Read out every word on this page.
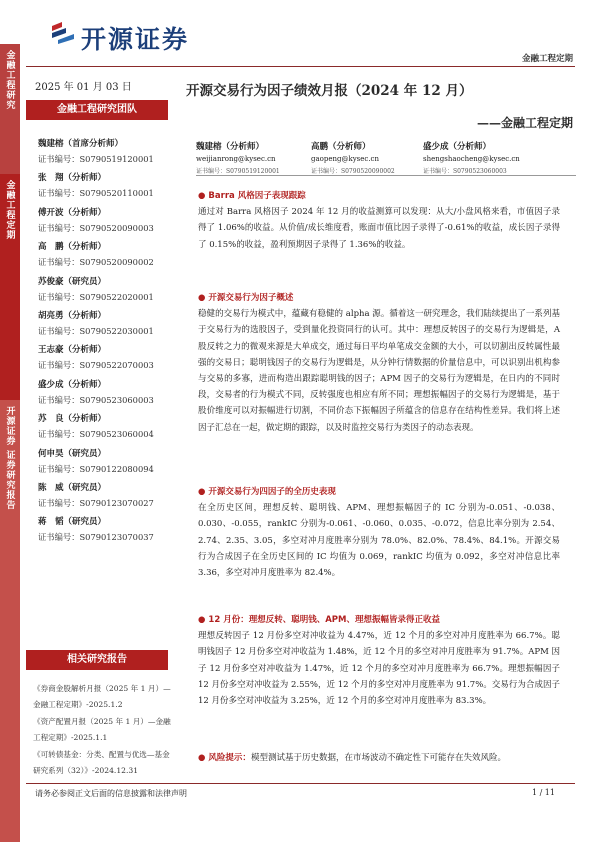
金融工程研究
金融工程定期
开源证券 证券研究报告
开源证券
金融工程定期
2025 年 01 月 03 日
金融工程研究团队
魏建榕（首席分析师）
证书编号：S0790519120001
张　翔（分析师）
证书编号：S0790520110001
傅开波（分析师）
证书编号：S0790520090003
高　鹏（分析师）
证书编号：S0790520090002
苏俊豪（研究员）
证书编号：S0790522020001
胡亮勇（分析师）
证书编号：S0790522030001
王志豪（分析师）
证书编号：S0790522070003
盛少成（分析师）
证书编号：S0790523060003
苏　良（分析师）
证书编号：S0790523060004
何申昊（研究员）
证书编号：S0790122080094
陈　威（研究员）
证书编号：S0790123070027
蒋　韬（研究员）
证书编号：S0790123070037
相关研究报告
《券商金股解析月报（2025 年 1 月）—金融工程定期》-2025.1.2
《资产配置月报（2025 年 1 月）—金融工程定期》-2025.1.1
《可转债基金：分类、配置与优选—基金研究系列（32）》-2024.12.31
开源交易行为因子绩效月报（2024 年 12 月）
——金融工程定期
魏建榕（分析师）
weijianrong@kysec.cn
证书编号：S0790519120001
高鹏（分析师）
gaopeng@kysec.cn
证书编号：S0790520090002
盛少成（分析师）
shengshaocheng@kysec.cn
证书编号：S0790523060003
● Barra 风格因子表现跟踪
通过对 Barra 风格因子 2024 年 12 月的收益测算可以发现：从大/小盘风格来看，市值因子录得了 1.06%的收益。从价值/成长维度看，账面市值比因子录得了-0.61%的收益，成长因子录得了 0.15%的收益，盈利预期因子录得了 1.36%的收益。
● 开源交易行为因子概述
稳健的交易行为模式中，蕴藏有稳健的 alpha 源。循着这一研究理念，我们陆续提出了一系列基于交易行为的选股因子，受到量化投资同行的认可。其中：理想反转因子的交易行为逻辑是，A 股反转之力的微观来源是大单成交，通过每日平均单笔成交金额的大小，可以切割出反转属性最强的交易日；聪明钱因子的交易行为逻辑是，从分钟行情数据的价量信息中，可以识别出机构参与交易的多寡，进而构造出跟踪聪明钱的因子；APM 因子的交易行为逻辑是，在日内的不同时段，交易者的行为模式不同，反转强度也相应有所不同；理想振幅因子的交易行为逻辑是，基于股价维度可以对振幅进行切割，不同价态下振幅因子所蕴含的信息存在结构性差异。我们将上述因子汇总在一起，做定期的跟踪，以及时监控交易行为类因子的动态表现。
● 开源交易行为四因子的全历史表现
在全历史区间，理想反转、聪明钱、APM、理想振幅因子的 IC 分别为-0.051、-0.038、0.030、-0.055，rankIC 分别为-0.061、-0.060、0.035、-0.072，信息比率分别为 2.54、2.74、2.35、3.05，多空对冲月度胜率分别为 78.0%、82.0%、78.4%、84.1%。开源交易行为合成因子在全历史区间的 IC 均值为 0.069，rankIC 均值为 0.092，多空对冲信息比率 3.36，多空对冲月度胜率为 82.4%。
● 12 月份：理想反转、聪明钱、APM、理想振幅皆录得正收益
理想反转因子 12 月份多空对冲收益为 4.47%，近 12 个月的多空对冲月度胜率为 66.7%。聪明钱因子 12 月份多空对冲收益为 1.48%，近 12 个月的多空对冲月度胜率为 91.7%。APM 因子 12 月份多空对冲收益为 1.47%，近 12 个月的多空对冲月度胜率为 66.7%。理想振幅因子 12 月份多空对冲收益为 2.55%，近 12 个月的多空对冲月度胜率为 91.7%。交易行为合成因子 12 月份多空对冲收益为 3.25%，近 12 个月的多空对冲月度胜率为 83.3%。
● 风险提示：模型测试基于历史数据，在市场波动不确定性下可能存在失效风险。
请务必参阅正文后面的信息披露和法律声明	1 / 11
